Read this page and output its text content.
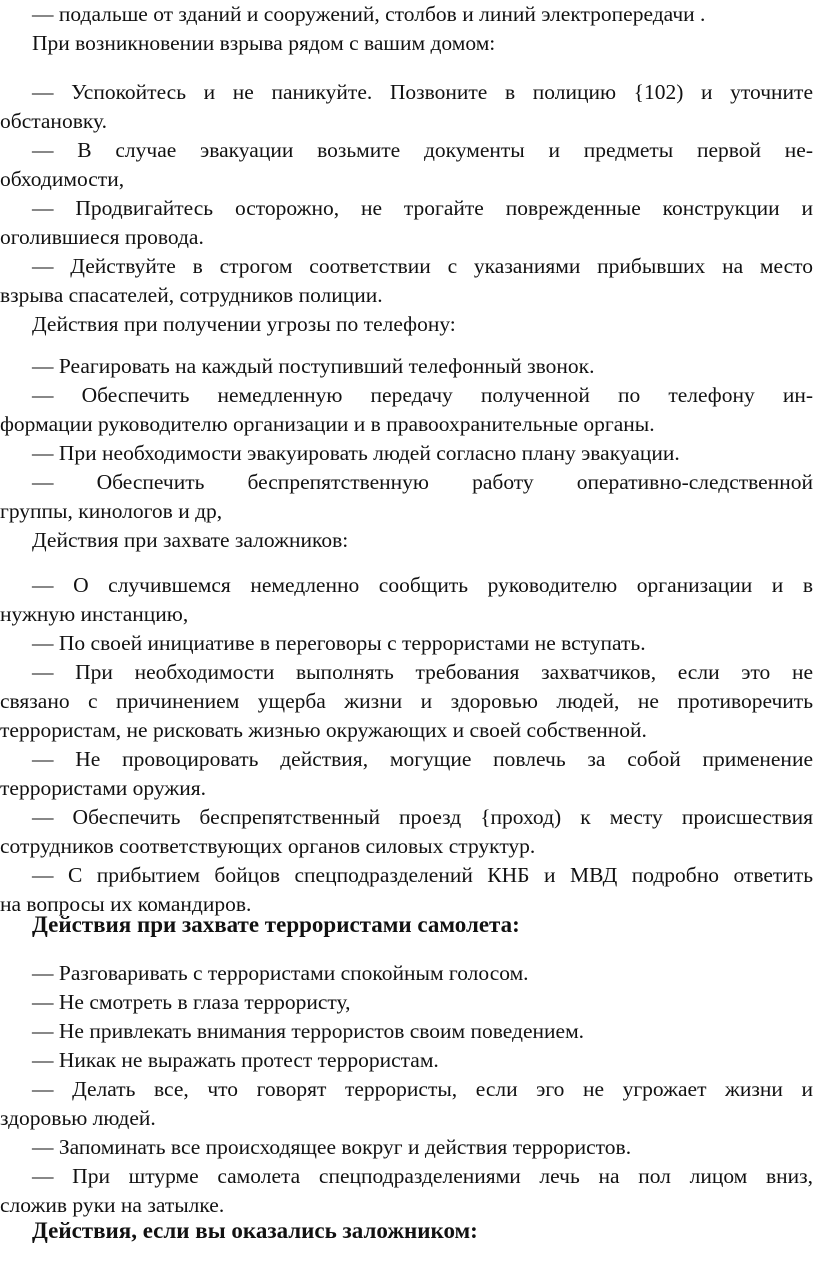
— подальше от зданий и сооружений, столбов и линий электропередачи .
При возникновении взрыва рядом с вашим домом:
— Успокойтесь и не паникуйте. Позвоните в полицию {102) и уточните
обстановку.
— В случае эвакуации возьмите документы и предметы первой не-
обходимости,
— Продвигайтесь осторожно, не трогайте поврежденные конструкции и
оголившиеся провода.
— Действуйте в строгом соответствии с указаниями прибывших на место
взрыва спасателей, сотрудников полиции.
Действия при получении угрозы по телефону:
— Реагировать на каждый поступивший телефонный звонок.
— Обеспечить немедленную передачу полученной по телефону ин-
формации руководителю организации и в правоохранительные органы.
— При необходимости эвакуировать людей согласно плану эвакуации.
— Обеспечить беспрепятственную работу оперативно-следственной
группы, кинологов и др,
Действия при захвате заложников:
— О случившемся немедленно сообщить руководителю организации и в
нужную инстанцию,
— По своей инициативе в переговоры с террористами не вступать.
— При необходимости выполнять требования захватчиков, если это не
связано с причинением ущерба жизни и здоровью людей, не противоречить
террористам, не рисковать жизнью окружающих и своей собственной.
— Не провоцировать действия, могущие повлечь за собой применение
террористами оружия.
— Обеспечить беспрепятственный проезд {проход) к месту происшествия
сотрудников соответствующих органов силовых структур.
— С прибытием бойцов спецподразделений КНБ и МВД подробно ответить
на вопросы их командиров.
Действия при захвате террористами самолета:
— Разговаривать с террористами спокойным голосом.
— Не смотреть в глаза террористу,
— Не привлекать внимания террористов своим поведением.
— Никак не выражать протест террористам.
— Делать все, что говорят террористы, если эго не угрожает жизни и
здоровью людей.
— Запоминать все происходящее вокруг и действия террористов.
— При штурме самолета спецподразделениями лечь на пол лицом вниз,
сложив руки на затылке.
Действия, если вы оказались заложником:
